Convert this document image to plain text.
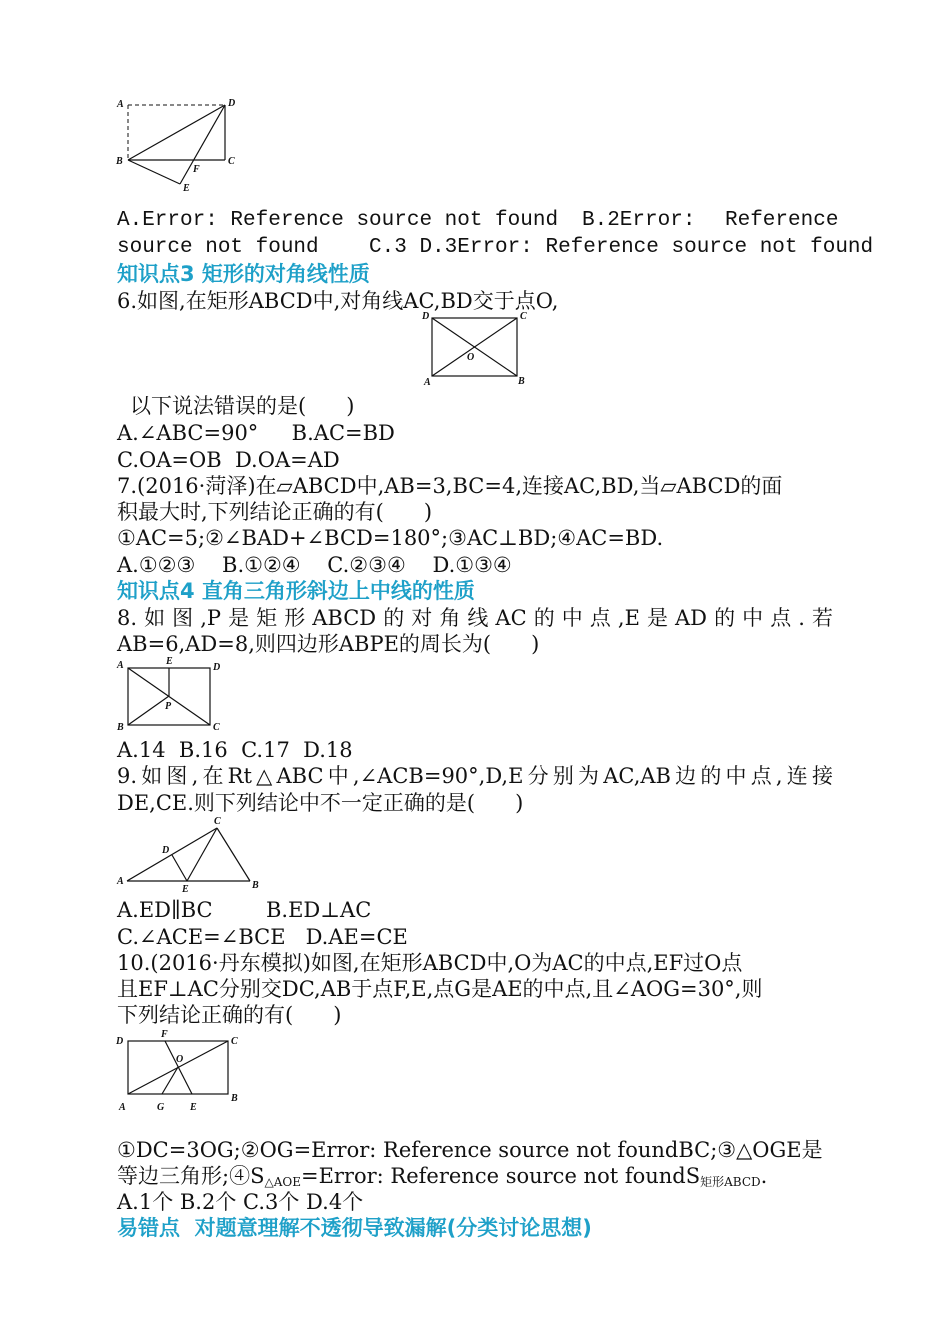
A	D
B	C
F
E
A.Error: Reference source not found B.2Error: Reference
source not found    C.3 D.3Error: Reference source not found
知识点3 矩形的对角线性质
6.如图,在矩形ABCD中,对角线AC,BD交于点O,
D	C
A	B
O
以下说法错误的是(      )
A.∠ABC=90°     B.AC=BD
C.OA=OB  D.OA=AD
7.(2016·菏泽)在▱ABCD中,AB=3,BC=4,连接AC,BD,当▱ABCD的面
积最大时,下列结论正确的有(      )
①AC=5;②∠BAD+∠BCD=180°;③AC⊥BD;④AC=BD.
A.①②③    B.①②④    C.②③④    D.①③④
知识点4 直角三角形斜边上中线的性质
8.如图,P是矩形ABCD的对角线AC的中点,E是AD的中点.若
AB=6,AD=8,则四边形ABPE的周长为(      )
A	E
D
B	C
P
A.14  B.16  C.17  D.18
9.如图,在Rt△ABC中,∠ACB=90°,D,E分别为AC,AB边的中点,连接
DE,CE.则下列结论中不一定正确的是(      )
C
D
A
E	B
A.ED∥BC        B.ED⊥AC
C.∠ACE=∠BCE   D.AE=CE
10.(2016·丹东模拟)如图,在矩形ABCD中,O为AC的中点,EF过O点
且EF⊥AC分别交DC,AB于点F,E,点G是AE的中点,且∠AOG=30°,则
下列结论正确的有(      )
D
F
C
O
A	G	E
B
①DC=3OG;②OG=Error: Reference source not foundBC;③△OGE是
等边三角形$;④S_{\triangle AOE}=Error$: Reference source not foundS$_{矩形ABCD}$.
A.1个 B.2个 C.3个 D.4个
易错点  对题意理解不透彻导致漏解(分类讨论思想)
